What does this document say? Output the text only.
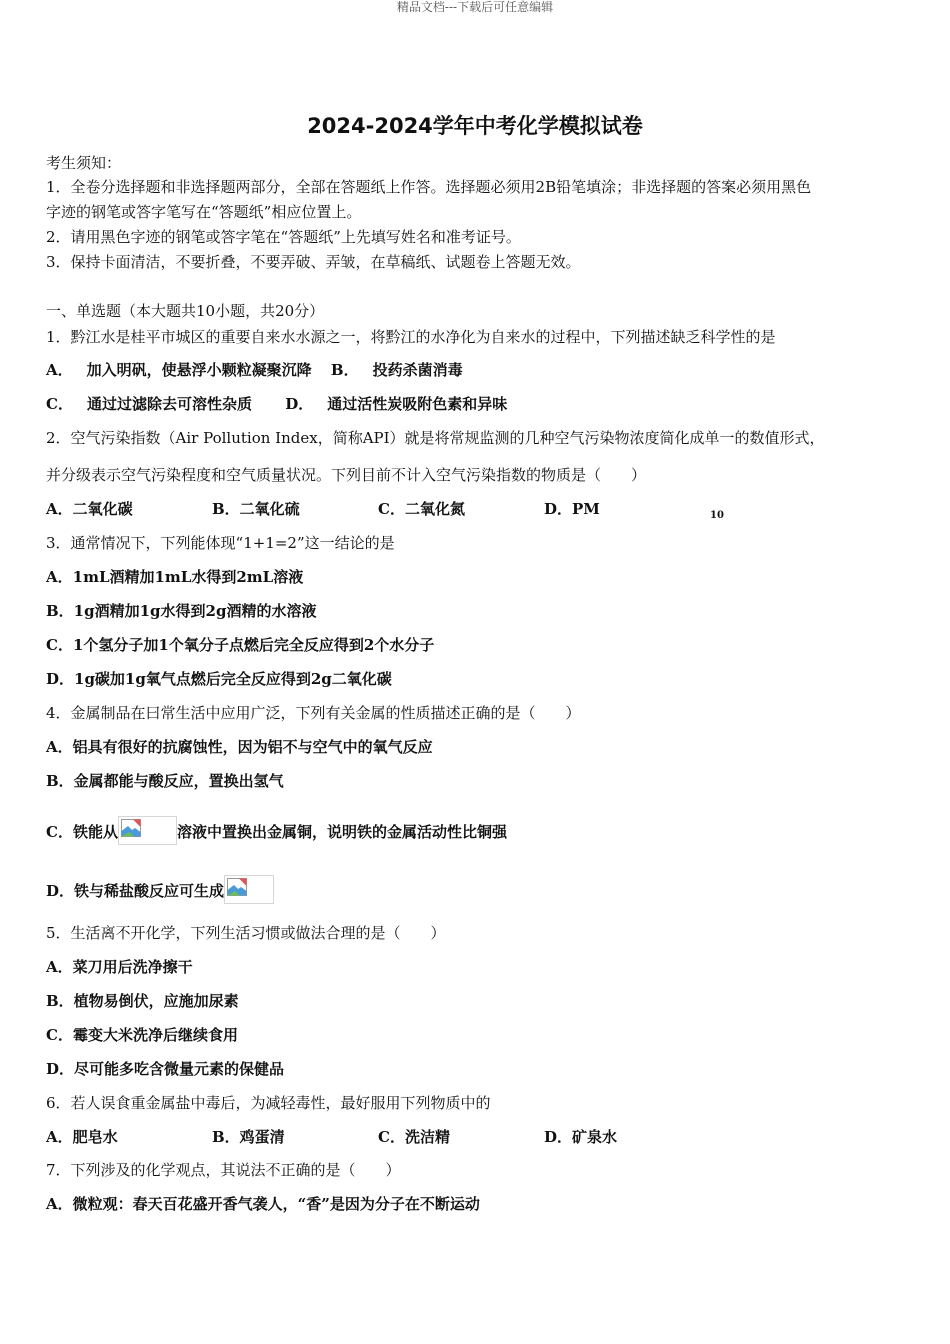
精品文档---下载后可任意编辑
2024-2024学年中考化学模拟试卷
考生须知：
1．全卷分选择题和非选择题两部分，全部在答题纸上作答。选择题必须用2B铅笔填涂；非选择题的答案必须用黑色
字迹的钢笔或答字笔写在“答题纸”相应位置上。
2．请用黑色字迹的钢笔或答字笔在“答题纸”上先填写姓名和准考证号。
3．保持卡面清洁，不要折叠，不要弄破、弄皱，在草稿纸、试题卷上答题无效。
一、单选题（本大题共10小题，共20分）
1．黔江水是桂平市城区的重要自来水水源之一，将黔江的水净化为自来水的过程中，下列描述缺乏科学性的是
A． 加入明矾，使悬浮小颗粒凝聚沉降 B． 投药杀菌消毒
C． 通过过滤除去可溶性杂质 D． 通过活性炭吸附色素和异味
2．空气污染指数（Air Pollution Index，简称API）就是将常规监测的几种空气污染物浓度简化成单一的数值形式，
并分级表示空气污染程度和空气质量状况。下列目前不计入空气污染指数的物质是（　　）
A．二氧化碳	B．二氧化硫	C．二氧化氮	D．PM	$_{10}$
3．通常情况下，下列能体现“1+1=2”这一结论的是
A．1mL酒精加1mL水得到2mL溶液
B．1g酒精加1g水得到2g酒精的水溶液
C．1个氢分子加1个氧分子点燃后完全反应得到2个水分子
D．1g碳加1g氧气点燃后完全反应得到2g二氧化碳
4．金属制品在曰常生活中应用广泛，下列有关金属的性质描述正确的是（　　）
A．铝具有很好的抗腐蚀性，因为铝不与空气中的氧气反应
B．金属都能与酸反应，置换出氢气
C．铁能从	溶液中置换出金属铜，说明铁的金属活动性比铜强
D．铁与稀盐酸反应可生成
5．生活离不开化学，下列生活习惯或做法合理的是（　　）
A．菜刀用后洗净擦干
B．植物易倒伏，应施加尿素
C．霉变大米洗净后继续食用
D．尽可能多吃含微量元素的保健品
6．若人误食重金属盐中毒后，为减轻毒性，最好服用下列物质中的
A．肥皂水	B．鸡蛋清	C．洗洁精	D．矿泉水
7．下列涉及的化学观点，其说法不正确的是（　　）
A．微粒观：春天百花盛开香气袭人，“香”是因为分子在不断运动
